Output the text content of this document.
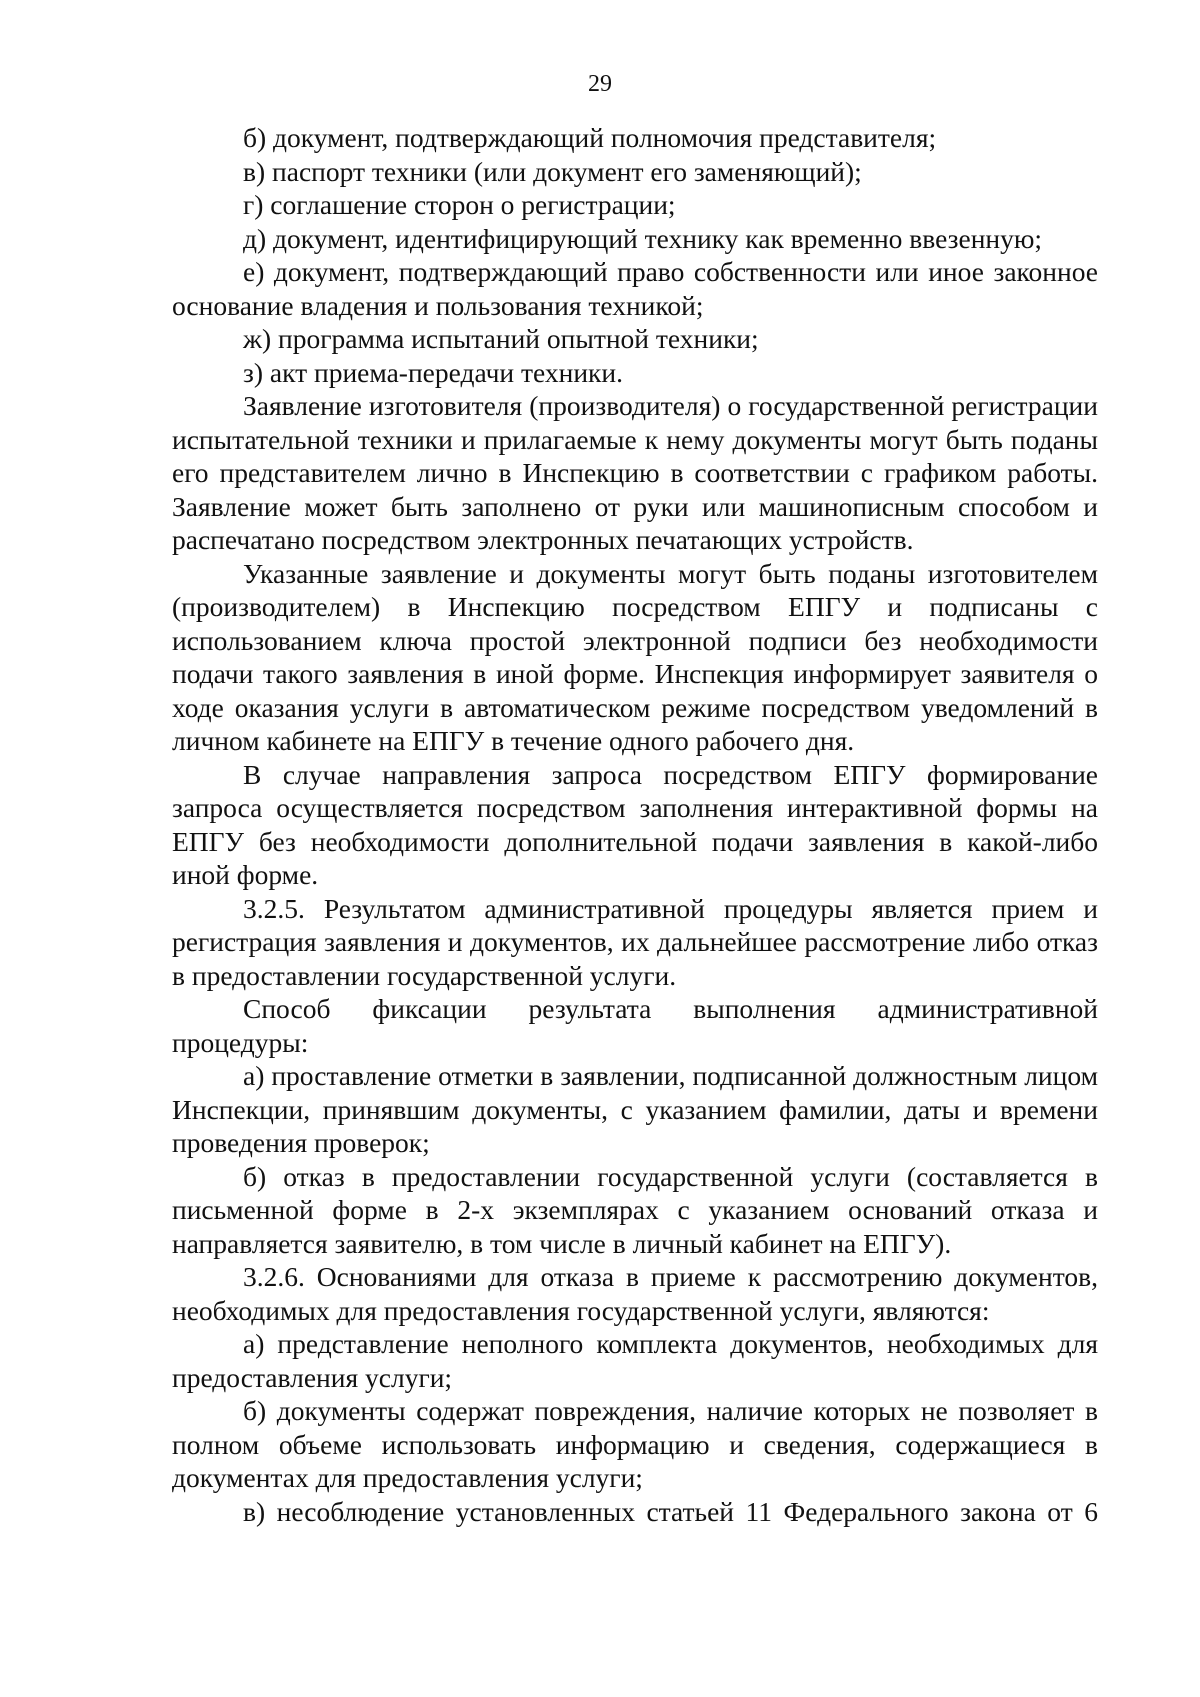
29

б) документ, подтверждающий полномочия представителя;

в) паспорт техники (или документ его заменяющий);

г) соглашение сторон о регистрации;

д) документ, идентифицирующий технику как временно ввезенную;

е) документ, подтверждающий право собственности или иное законное основание владения и пользования техникой;

ж) программа испытаний опытной техники;

з) акт приема-передачи техники.

Заявление изготовителя (производителя) о государственной регистрации испытательной техники и прилагаемые к нему документы могут быть поданы его представителем лично в Инспекцию в соответствии с графиком работы. Заявление может быть заполнено от руки или машинописным способом и распечатано посредством электронных печатающих устройств.

Указанные заявление и документы могут быть поданы изготовителем (производителем) в Инспекцию посредством ЕПГУ и подписаны с использованием ключа простой электронной подписи без необходимости подачи такого заявления в иной форме. Инспекция информирует заявителя о ходе оказания услуги в автоматическом режиме посредством уведомлений в личном кабинете на ЕПГУ в течение одного рабочего дня.

В случае направления запроса посредством ЕПГУ формирование запроса осуществляется посредством заполнения интерактивной формы на ЕПГУ без необходимости дополнительной подачи заявления в какой-либо иной форме.

3.2.5. Результатом административной процедуры является прием и регистрация заявления и документов, их дальнейшее рассмотрение либо отказ в предоставлении государственной услуги.

Способ фиксации результата выполнения административной процедуры:

а) проставление отметки в заявлении, подписанной должностным лицом Инспекции, принявшим документы, с указанием фамилии, даты и времени проведения проверок;

б) отказ в предоставлении государственной услуги (составляется в письменной форме в 2-х экземплярах с указанием оснований отказа и направляется заявителю, в том числе в личный кабинет на ЕПГУ).

3.2.6. Основаниями для отказа в приеме к рассмотрению документов, необходимых для предоставления государственной услуги, являются:

а) представление неполного комплекта документов, необходимых для предоставления услуги;

б) документы содержат повреждения, наличие которых не позволяет в полном объеме использовать информацию и сведения, содержащиеся в документах для предоставления услуги;

в) несоблюдение установленных статьей 11 Федерального закона от 6
